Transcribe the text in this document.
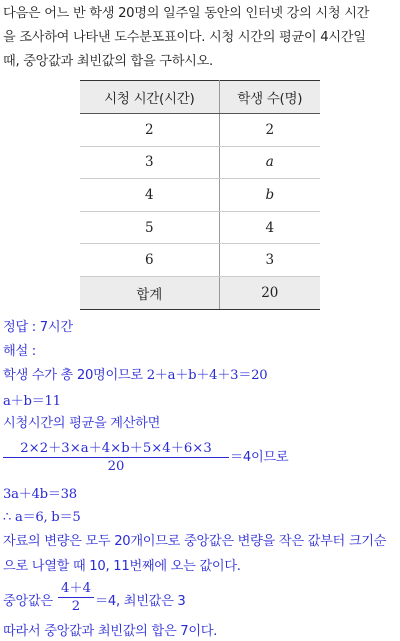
다음은 어느 반 학생 20명의 일주일 동안의 인터넷 강의 시청 시간
을 조사하여 나타낸 도수분포표이다. 시청 시간의 평균이 4시간일
때, 중앙값과 최빈값의 합을 구하시오.
시청 시간(시간)	학생 수(명)
2	2
3	a
4	b
5	4
6	3
합계	20
정답 : 7시간
해설 :
학생 수가 총 20명이므로 2＋a＋b＋4＋3＝20
a＋b＝11
시청시간의 평균을 계산하면
2×2＋3×a＋4×b＋5×4＋6×3
20
＝4이므로
3a＋4b＝38
∴ a＝6, b＝5
자료의 변량은 모두 20개이므로 중앙값은 변량을 작은 값부터 크기순
으로 나열할 때 10, 11번째에 오는 값이다.
중앙값은
4＋4
2	＝4, 최빈값은 3
따라서 중앙값과 최빈값의 합은 7이다.
